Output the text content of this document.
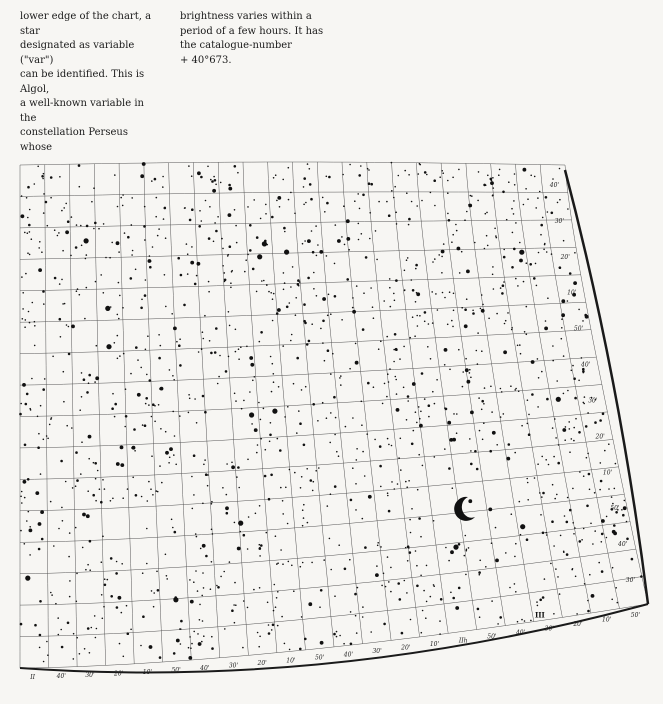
lower edge of the chart, a star
designated as variable ("var")
can be identified. This is Algol,
a well-known variable in the
constellation Perseus whose
brightness varies within a
period of a few hours. It has
the catalogue-number
+ 40°673.
II	40'	30'	20'	10'	50'	40'	30'	20'	10'	50'	40'	30'	20'
10'
IIh
50'
40'
30'
20'
10'
50'
III
40'
30'
20'
10'
50'
40'
30'
20'
10'
50'
40'
30'
